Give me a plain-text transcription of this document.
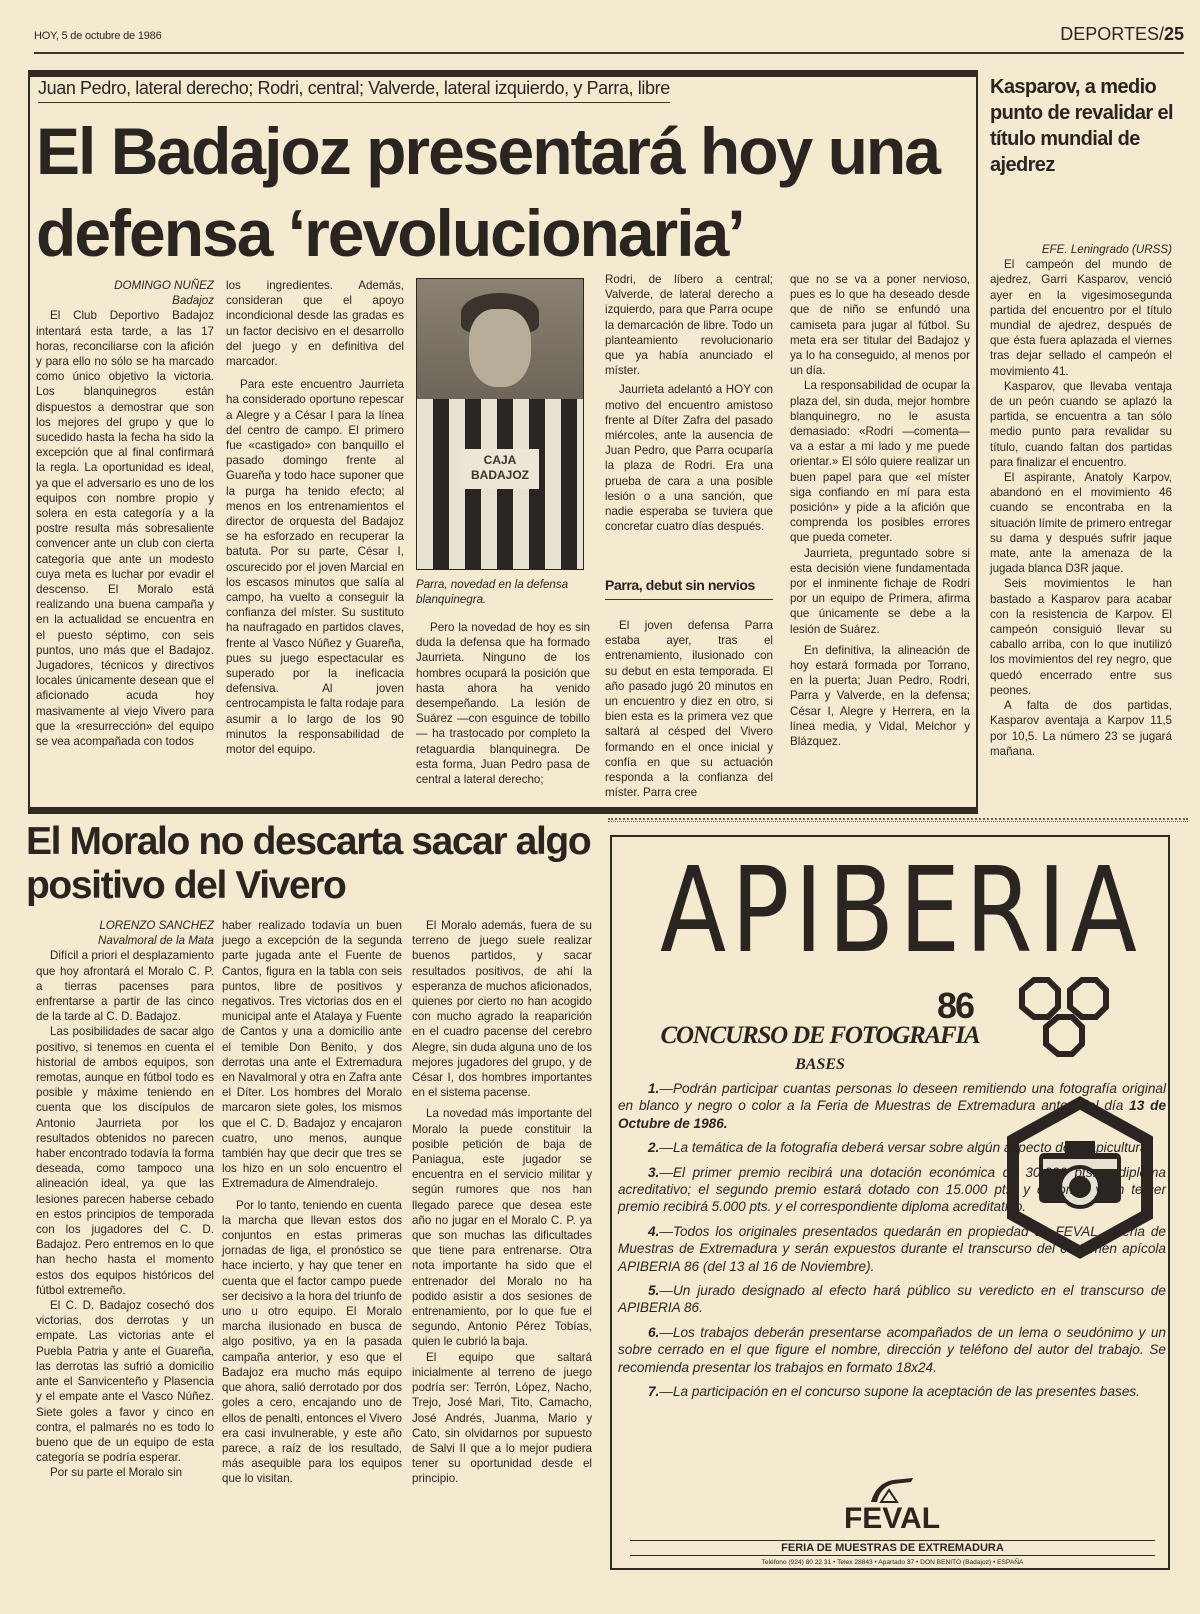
HOY, 5 de octubre de 1986	DEPORTES/25
Juan Pedro, lateral derecho; Rodri, central; Valverde, lateral izquierdo, y Parra, libre
El Badajoz presentará hoy una
defensa ‘revolucionaria’
DOMINGO NUÑEZ
Badajoz

El Club Deportivo Badajoz intentará esta tarde, a las 17 horas, reconciliarse con la afición y para ello no sólo se ha marcado como único objetivo la victoria. Los blanquinegros están dispuestos a demostrar que son los mejores del grupo y que lo sucedido hasta la fecha ha sido la excepción que al final confirmará la regla. La oportunidad es ideal, ya que el adversario es uno de los equipos con nombre propio y solera en esta categoría y a la postre resulta más sobresaliente convencer ante un club con cierta categoría que ante un modesto cuya meta es luchar por evadir el descenso. El Moralo está realizando una buena campaña y en la actualidad se encuentra en el puesto séptimo, con seis puntos, uno más que el Badajoz. Jugadores, técnicos y directivos locales únicamente desean que el aficionado acuda hoy masivamente al viejo Vivero para que la «resurrección» del equipo se vea acompañada con todos

los ingredientes. Además, consideran que el apoyo incondicional desde las gradas es un factor decisivo en el desarrollo del juego y en definitiva del marcador.

Para este encuentro Jaurrieta ha considerado oportuno repescar a Alegre y a César I para la línea del centro de campo. El primero fue «castigado» con banquillo el pasado domingo frente al Guareña y todo hace suponer que la purga ha tenido efecto; al menos en los entrenamientos el director de orquesta del Badajoz se ha esforzado en recuperar la batuta. Por su parte, César I, oscurecido por el joven Marcial en los escasos minutos que salía al campo, ha vuelto a conseguir la confianza del míster. Su sustituto ha naufragado en partidos claves, frente al Vasco Núñez y Guareña, pues su juego espectacular es superado por la ineficacia defensiva. Al joven centrocampista le falta rodaje para asumir a lo largo de los 90 minutos la responsabilidad de motor del equipo.

CAJA
BADAJOZ
Parra, novedad en la defensa blanquinegra.

Pero la novedad de hoy es sin duda la defensa que ha formado Jaurrieta. Ninguno de los hombres ocupará la posición que hasta ahora ha venido desempeñando. La lesión de Suárez —con esguince de tobillo— ha trastocado por completo la retaguardia blanquinegra. De esta forma, Juan Pedro pasa de central a lateral derecho;

Rodri, de líbero a central; Valverde, de lateral derecho a izquierdo, para que Parra ocupe la demarcación de libre. Todo un planteamiento revolucionario que ya había anunciado el míster.

Jaurrieta adelantó a HOY con motivo del encuentro amistoso frente al Díter Zafra del pasado miércoles, ante la ausencia de Juan Pedro, que Parra ocuparía la plaza de Rodri. Era una prueba de cara a una posible lesión o a una sanción, que nadie esperaba se tuviera que concretar cuatro días después.

Parra, debut sin nervios

El joven defensa Parra estaba ayer, tras el entrenamiento, ilusionado con su debut en esta temporada. El año pasado jugó 20 minutos en un encuentro y diez en otro, si bien esta es la primera vez que saltará al césped del Vivero formando en el once inicial y confía en que su actuación responda a la confianza del míster. Parra cree

que no se va a poner nervioso, pues es lo que ha deseado desde que de niño se enfundó una camiseta para jugar al fútbol. Su meta era ser titular del Badajoz y ya lo ha conseguido, al menos por un día.

La responsabilidad de ocupar la plaza del, sin duda, mejor hombre blanquinegro, no le asusta demasiado: «Rodri —comenta— va a estar a mi lado y me puede orientar.» El sólo quiere realizar un buen papel para que «el míster siga confiando en mí para esta posición» y pide a la afición que comprenda los posibles errores que pueda cometer.

Jaurrieta, preguntado sobre si esta decisión viene fundamentada por el inminente fichaje de Rodri por un equipo de Primera, afirma que únicamente se debe a la lesión de Suárez.

En definitiva, la alineación de hoy estará formada por Torrano, en la puerta; Juan Pedro, Rodri, Parra y Valverde, en la defensa; César I, Alegre y Herrera, en la línea media, y Vidal, Melchor y Blázquez.

Kasparov, a medio punto de revalidar el título mundial de ajedrez
EFE. Leningrado (URSS)

El campeón del mundo de ajedrez, Garri Kasparov, venció ayer en la vigesimosegunda partida del encuentro por el título mundial de ajedrez, después de que ésta fuera aplazada el viernes tras dejar sellado el campeón el movimiento 41.

Kasparov, que llevaba ventaja de un peón cuando se aplazó la partida, se encuentra a tan sólo medio punto para revalidar su título, cuando faltan dos partidas para finalizar el encuentro.

El aspirante, Anatoly Karpov, abandonó en el movimiento 46 cuando se encontraba en la situación límite de primero entregar su dama y después sufrir jaque mate, ante la amenaza de la jugada blanca D3R jaque.

Seis movimientos le han bastado a Kasparov para acabar con la resistencia de Karpov. El campeón consiguió llevar su caballo arriba, con lo que inutilizó los movimientos del rey negro, que quedó encerrado entre sus peones.

A falta de dos partidas, Kasparov aventaja a Karpov 11,5 por 10,5. La número 23 se jugará mañana.

El Moralo no descarta sacar algo positivo del Vivero
LORENZO SANCHEZ
Navalmoral de la Mata

Difícil a priori el desplazamiento que hoy afrontará el Moralo C. P. a tierras pacenses para enfrentarse a partir de las cinco de la tarde al C. D. Badajoz.

Las posibilidades de sacar algo positivo, si tenemos en cuenta el historial de ambos equipos, son remotas, aunque en fútbol todo es posible y máxime teniendo en cuenta que los discípulos de Antonio Jaurrieta por los resultados obtenidos no parecen haber encontrado todavía la forma deseada, como tampoco una alineación ideal, ya que las lesiones parecen haberse cebado en estos principios de temporada con los jugadores del C. D. Badajoz. Pero entremos en lo que han hecho hasta el momento estos dos equipos históricos del fútbol extremeño.

El C. D. Badajoz cosechó dos victorias, dos derrotas y un empate. Las victorias ante el Puebla Patria y ante el Guareña, las derrotas las sufrió a domicilio ante el Sanvicenteño y Plasencia y el empate ante el Vasco Núñez. Siete goles a favor y cinco en contra, el palmarés no es todo lo bueno que de un equipo de esta categoría se podría esperar.

Por su parte el Moralo sin

haber realizado todavía un buen juego a excepción de la segunda parte jugada ante el Fuente de Cantos, figura en la tabla con seis puntos, libre de positivos y negativos. Tres victorias dos en el municipal ante el Atalaya y Fuente de Cantos y una a domicilio ante el temible Don Benito, y dos derrotas una ante el Extremadura en Navalmoral y otra en Zafra ante el Díter. Los hombres del Moralo marcaron siete goles, los mismos que el C. D. Badajoz y encajaron cuatro, uno menos, aunque también hay que decir que tres se los hizo en un solo encuentro el Extremadura de Almendralejo.

Por lo tanto, teniendo en cuenta la marcha que llevan estos dos conjuntos en estas primeras jornadas de liga, el pronóstico se hace incierto, y hay que tener en cuenta que el factor campo puede ser decisivo a la hora del triunfo de uno u otro equipo. El Moralo marcha ilusionado en busca de algo positivo, ya en la pasada campaña anterior, y eso que el Badajoz era mucho más equipo que ahora, salió derrotado por dos goles a cero, encajando uno de ellos de penalti, entonces el Vivero era casi invulnerable, y este año parece, a raíz de los resultado, más asequible para los equipos que lo visitan.

El Moralo además, fuera de su terreno de juego suele realizar buenos partidos, y sacar resultados positivos, de ahí la esperanza de muchos aficionados, quienes por cierto no han acogido con mucho agrado la reaparición en el cuadro pacense del cerebro Alegre, sin duda alguna uno de los mejores jugadores del grupo, y de César I, dos hombres importantes en el sistema pacense.

La novedad más importante del Moralo la puede constituir la posible petición de baja de Paniagua, este jugador se encuentra en el servicio militar y según rumores que nos han llegado parece que desea este año no jugar en el Moralo C. P. ya que son muchas las dificultades que tiene para entrenarse. Otra nota importante ha sido que el entrenador del Moralo no ha podido asistir a dos sesiones de entrenamiento, por lo que fue el segundo, Antonio Pérez Tobías, quien le cubrió la baja.

El equipo que saltará inicialmente al terreno de juego podría ser: Terrón, López, Nacho, Trejo, José Mari, Tito, Camacho, José Andrés, Juanma, Mario y Cato, sin olvidarnos por supuesto de Salvi II que a lo mejor pudiera tener su oportunidad desde el principio.

APIBERIA
86
CONCURSO DE FOTOGRAFIA
BASES

1.—Podrán participar cuantas personas lo deseen remitiendo una fotografía original en blanco y negro o color a la Feria de Muestras de Extremadura antes del día 13 de Octubre de 1986.

2.—La temática de la fotografía deberá versar sobre algún aspecto de la apicultura.

3.—El primer premio recibirá una dotación económica de 30.000 pts. y diploma acreditativo; el segundo premio estará dotado con 15.000 pts. y diploma; y un tercer premio recibirá 5.000 pts. y el correspondiente diploma acreditativo.

4.—Todos los originales presentados quedarán en propiedad de FEVAL - Feria de Muestras de Extremadura y serán expuestos durante el transcurso del certamen apícola APIBERIA 86 (del 13 al 16 de Noviembre).

5.—Un jurado designado al efecto hará público su veredicto en el transcurso de APIBERIA 86.

6.—Los trabajos deberán presentarse acompañados de un lema o seudónimo y un sobre cerrado en el que figure el nombre, dirección y teléfono del autor del trabajo. Se recomienda presentar los trabajos en formato 18x24.

7.—La participación en el concurso supone la aceptación de las presentes bases.

FEVAL
FERIA DE MUESTRAS DE EXTREMADURA
Teléfono (924) 80 22 31 • Telex 28843 • Apartado 37 • DON BENITO (Badajoz) • ESPAÑA
